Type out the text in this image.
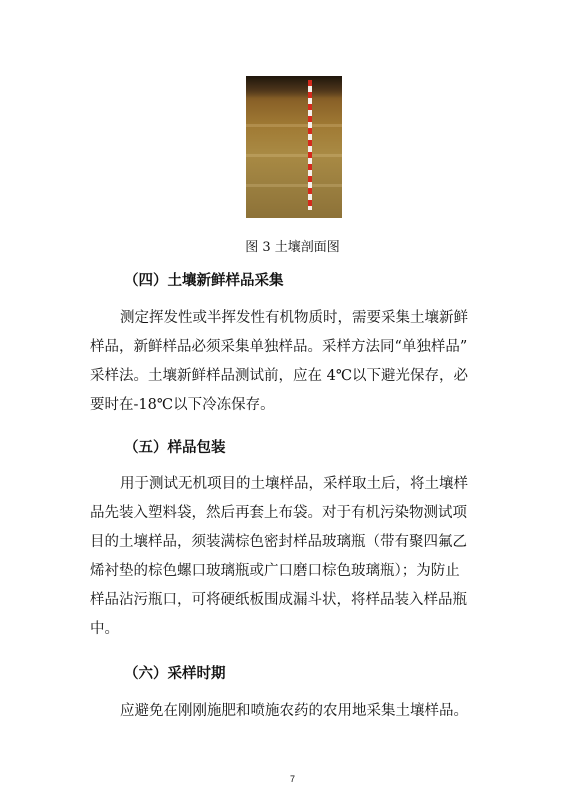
图 3 土壤剖面图
（四）土壤新鲜样品采集
测定挥发性或半挥发性有机物质时，需要采集土壤新鲜
样品，新鲜样品必须采集单独样品。采样方法同“单独样品”
采样法。土壤新鲜样品测试前，应在 4℃以下避光保存，必
要时在-18℃以下冷冻保存。
（五）样品包装
用于测试无机项目的土壤样品，采样取土后，将土壤样
品先装入塑料袋，然后再套上布袋。对于有机污染物测试项
目的土壤样品，须装满棕色密封样品玻璃瓶（带有聚四氟乙
烯衬垫的棕色螺口玻璃瓶或广口磨口棕色玻璃瓶）；为防止
样品沾污瓶口，可将硬纸板围成漏斗状，将样品装入样品瓶
中。
（六）采样时期
应避免在刚刚施肥和喷施农药的农用地采集土壤样品。
7
